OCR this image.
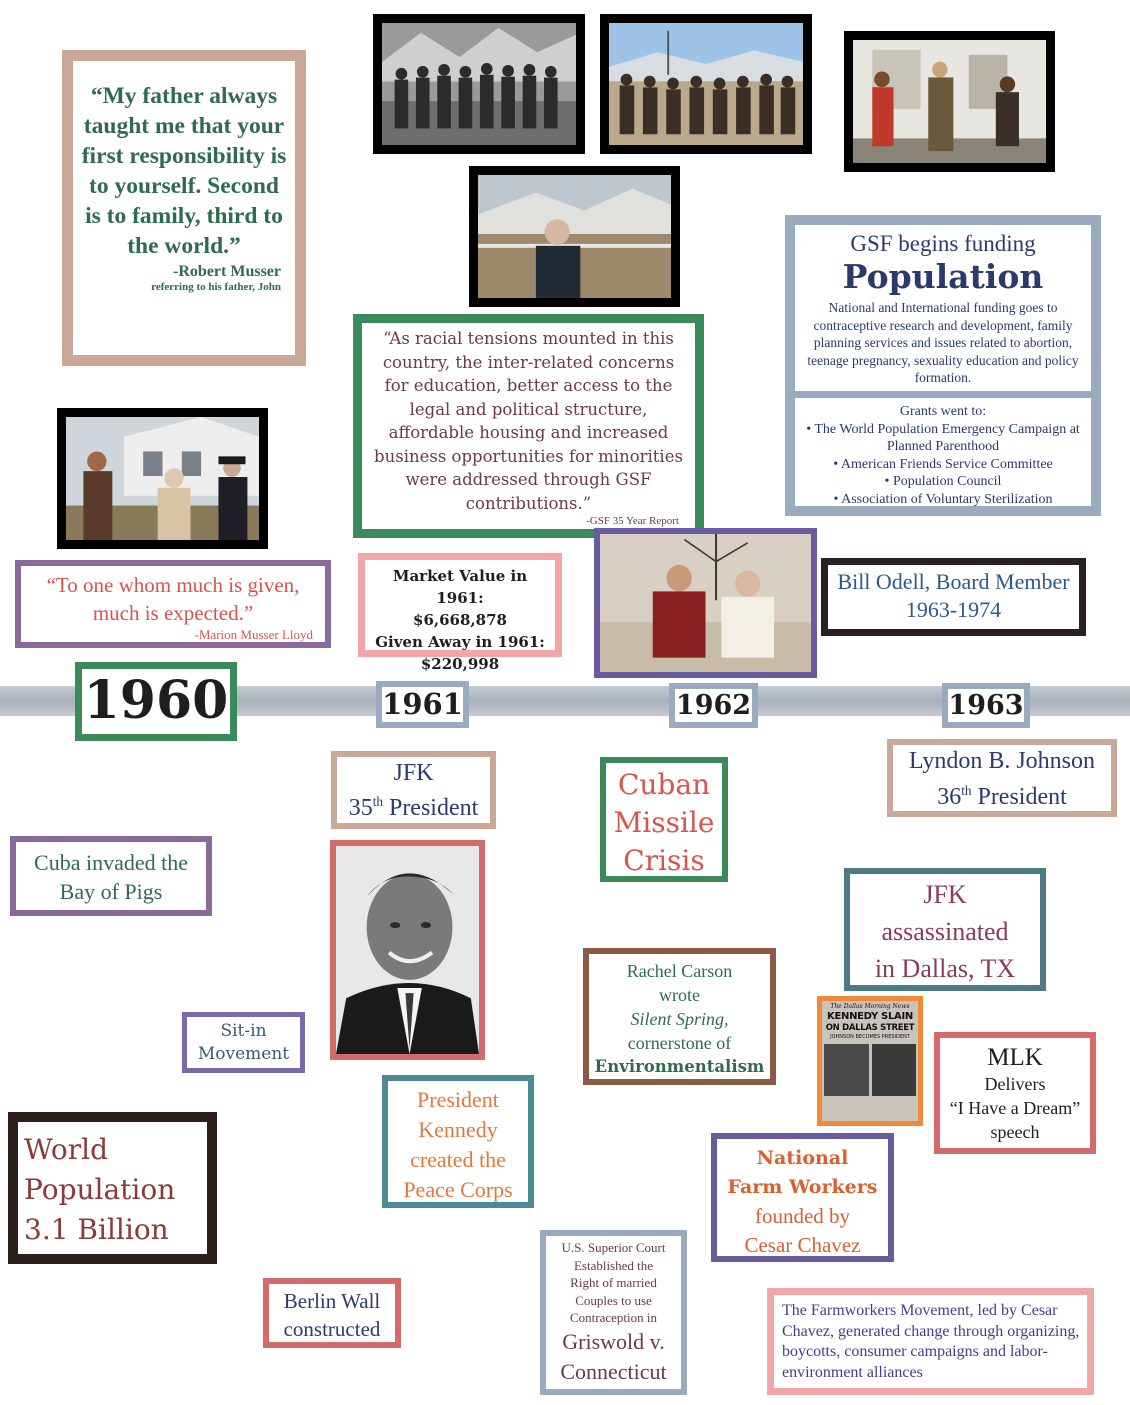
“My father always taught me that your first responsibility is to yourself. Second is to family, third to the world.”
-Robert Musser
referring to his father, John
GSF begins funding
Population
National and International funding goes to contraceptive research and development, family planning services and issues related to abortion, teenage pregnancy, sexuality education and policy formation.
Grants went to:
• The World Population Emergency Campaign at Planned Parenthood
• American Friends Service Committee
• Population Council
• Association of Voluntary Sterilization
“As racial tensions mounted in this country, the inter-related concerns for education, better access to the legal and political structure, affordable housing and increased business opportunities for minorities were addressed through GSF contributions.”
-GSF 35 Year Report
“To one whom much is given, much is expected.”
-Marion Musser Lloyd
Market Value in 1961:
$6,668,878
Given Away in 1961:
$220,998
Bill Odell, Board Member
1963-1974
1960	1961	1962	1963
JFK
35th President
Lyndon B. Johnson
36th President
Cuban
Missile
Crisis
Cuba invaded the
Bay of Pigs	JFK
assassinated
in Dallas, TX
Rachel Carson
wrote
Silent Spring,
cornerstone of
Environmentalism
Sit-in
Movement
The Dallas Morning News
KENNEDY SLAIN
ON DALLAS STREET
JOHNSON BECOMES PRESIDENT
MLK
Delivers
“I Have a Dream”
speech
President
Kennedy
created the
Peace Corps
World
Population
3.1 Billion
National
Farm Workers
founded by
Cesar Chavez
Berlin Wall
constructed
U.S. Superior Court
Established the
Right of married
Couples to use
Contraception in
Griswold v.
Connecticut
The Farmworkers Movement, led by Cesar Chavez, generated change through organizing, boycotts, consumer campaigns and labor-environment alliances
